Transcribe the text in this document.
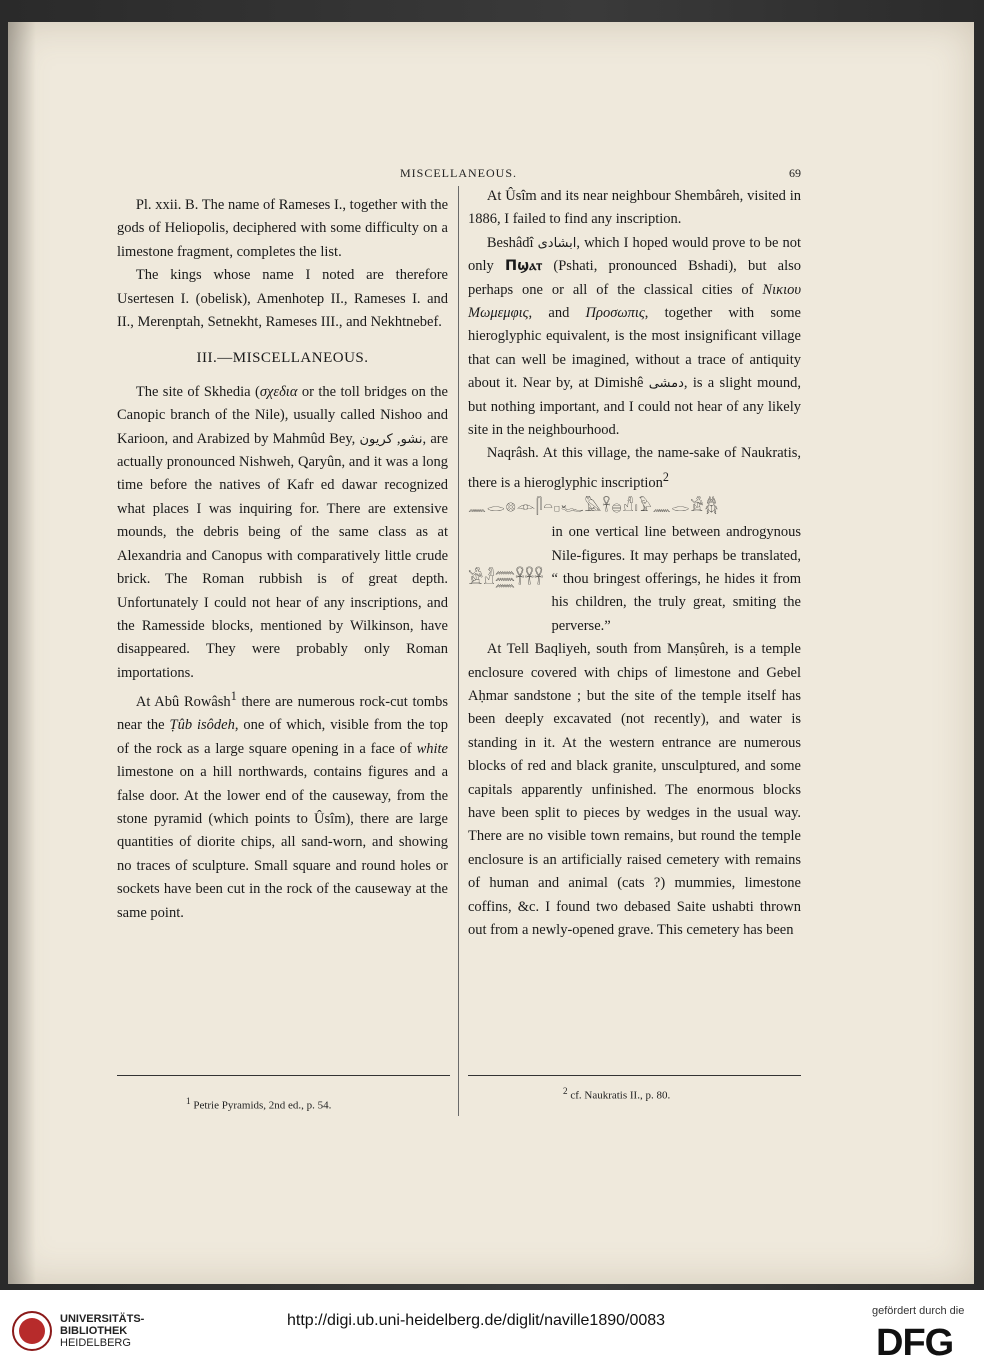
MISCELLANEOUS.	69

Pl. xxii. B. The name of Rameses I., together with the gods of Heliopolis, deciphered with some difficulty on a limestone fragment, completes the list.

The kings whose name I noted are therefore Usertesen I. (obelisk), Amenhotep II., Rameses I. and II., Merenptah, Setnekht, Rameses III., and Nekhtnebef.

III.—MISCELLANEOUS.

The site of Skhedia (σχεδια or the toll bridges on the Canopic branch of the Nile), usually called Nishoo and Karioon, and Arabized by Mahmûd Bey,	نشو, كريون , are actually pronounced Nishweh, Qaryûn, and it was a long time before the natives of Kafr ed dawar recognized what places I was inquiring for. There are extensive mounds, the debris being of the same class as at Alexandria and Canopus with comparatively little crude brick. The Roman rubbish is of great depth. Unfortunately I could not hear of any inscriptions, and the Ramesside blocks, mentioned by Wilkinson, have disappeared. They were probably only Roman importations.

At Abû Rowâsh$^1$ there are numerous rock-cut tombs near the Ṭûb isôdeh, one of which, visible from the top of the rock as a large square opening in a face of white limestone on a hill northwards, contains figures and a false door. At the lower end of the causeway, from the stone pyramid (which points to Ûsîm), there are large quantities of diorite chips, all sand-worn, and showing no traces of sculpture. Small square and round holes or sockets have been cut in the rock of the causeway at the same point.

At Ûsîm and its near neighbour Shembâreh, visited in 1886, I failed to find any inscription.

Beshâdî ابشادى, which I hoped would prove to be not only Πϣⲁⲧ (Pshati, pronounced Bshadi), but also perhaps one or all of the classical cities of Νικιου Μωμεμφις, and Προσωπις, together with some hieroglyphic equivalent, is the most insignificant village that can well be imagined, without a trace of antiquity about it. Near by, at Dimishê دمشى, is a slight mound, but nothing important, and I could not hear of any likely site in the neighbourhood.

Naqrâsh. At this village, the name-sake of Naukratis, there is a hieroglyphic inscription$^2$

𓈖𓂋𓊖𓁹𓋴𓏏𓊪𓆑𓅓𓋹𓐍𓀭𓏤𓅱𓈖𓂋𓀀𓆣
𓀀𓁐𓈗𓋹𓋹𓋹
in one vertical line between androgynous Nile-figures. It may perhaps be translated, “ thou bringest offerings, he hides it from his children, the truly great, smiting the perverse.”

At Tell Baqliyeh, south from Manṣûreh, is a temple enclosure covered with chips of limestone and Gebel Aḥmar sandstone ; but the site of the temple itself has been deeply excavated (not recently), and water is standing in it. At the western entrance are numerous blocks of red and black granite, unsculptured, and some capitals apparently unfinished. The enormous blocks have been split to pieces by wedges in the usual way. There are no visible town remains, but round the temple enclosure is an artificially raised cemetery with remains of human and animal (cats ?) mummies, limestone coffins, &c. I found two debased Saite ushabti thrown out from a newly-opened grave. This cemetery has been

$^1$ Petrie Pyramids, 2nd ed., p. 54.
$^2$ cf. Naukratis II., p. 80.
UNIVERSITÄTS-
BIBLIOTHEK
HEIDELBERG
http://digi.ub.uni-heidelberg.de/diglit/naville1890/0083
gefördert durch die
DFG
